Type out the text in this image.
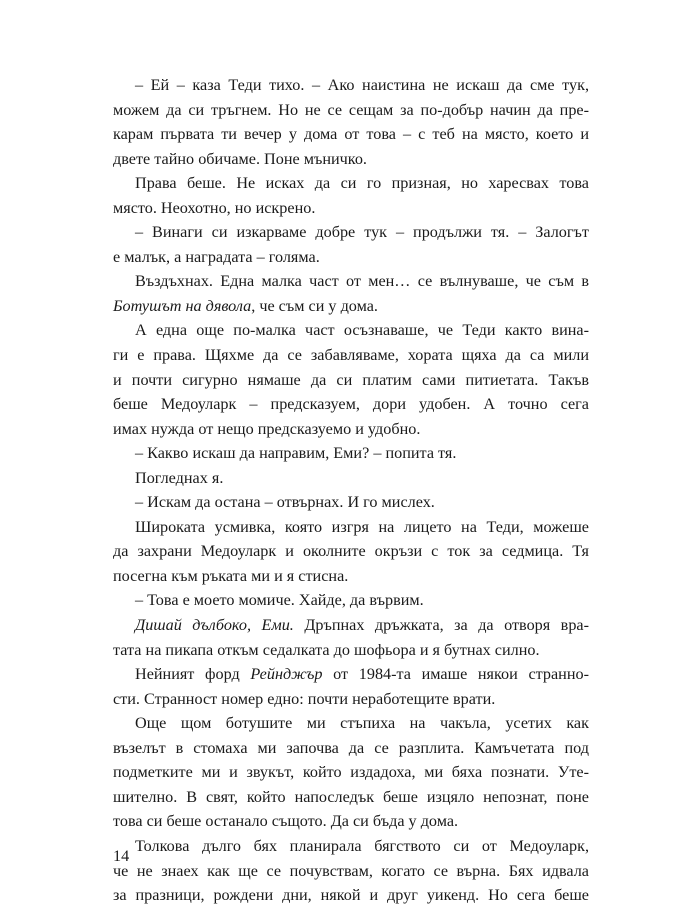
– Ей – каза Теди тихо. – Ако наистина не искаш да сме тук,
можем да си тръгнем. Но не се сещам за по-добър начин да пре-
карам първата ти вечер у дома от това – с теб на място, което и
двете тайно обичаме. Поне мъничко.

Права беше. Не исках да си го призная, но харесвах това
място. Неохотно, но искрено.

– Винаги си изкарваме добре тук – продължи тя. – Залогът
е малък, а наградата – голяма.

Въздъхнах. Една малка част от мен… се вълнуваше, че съм в
Ботушът на дявола, че съм си у дома.

А една още по-малка част осъзнаваше, че Теди както вина-
ги е права. Щяхме да се забавляваме, хората щяха да са мили
и почти сигурно нямаше да си платим сами питиетата. Такъв
беше Медоуларк – предсказуем, дори удобен. А точно сега
имах нужда от нещо предсказуемо и удобно.

– Какво искаш да направим, Еми? – попита тя.

Погледнах я.

– Искам да остана – отвърнах. И го мислех.

Широката усмивка, която изгря на лицето на Теди, можеше
да захрани Медоуларк и околните окръзи с ток за седмица. Тя
посегна към ръката ми и я стисна.

– Това е моето момиче. Хайде, да вървим.

Дишай дълбоко, Еми. Дръпнах дръжката, за да отворя вра-
тата на пикапа откъм седалката до шофьора и я бутнах силно.

Нейният форд Рейнджър от 1984-та имаше някои странно-
сти. Странност номер едно: почти неработещите врати.

Още щом ботушите ми стъпиха на чакъла, усетих как
възелът в стомаха ми започва да се разплита. Камъчетата под
подметките ми и звукът, който издадоха, ми бяха познати. Уте-
шително. В свят, който напоследък беше изцяло непознат, поне
това си беше останало същото. Да си бъда у дома.

Толкова дълго бях планирала бягството си от Медоуларк,
че не знаех как ще се почувствам, когато се върна. Бях идвала
за празници, рождени дни, някой и друг уикенд. Но сега беше

14
